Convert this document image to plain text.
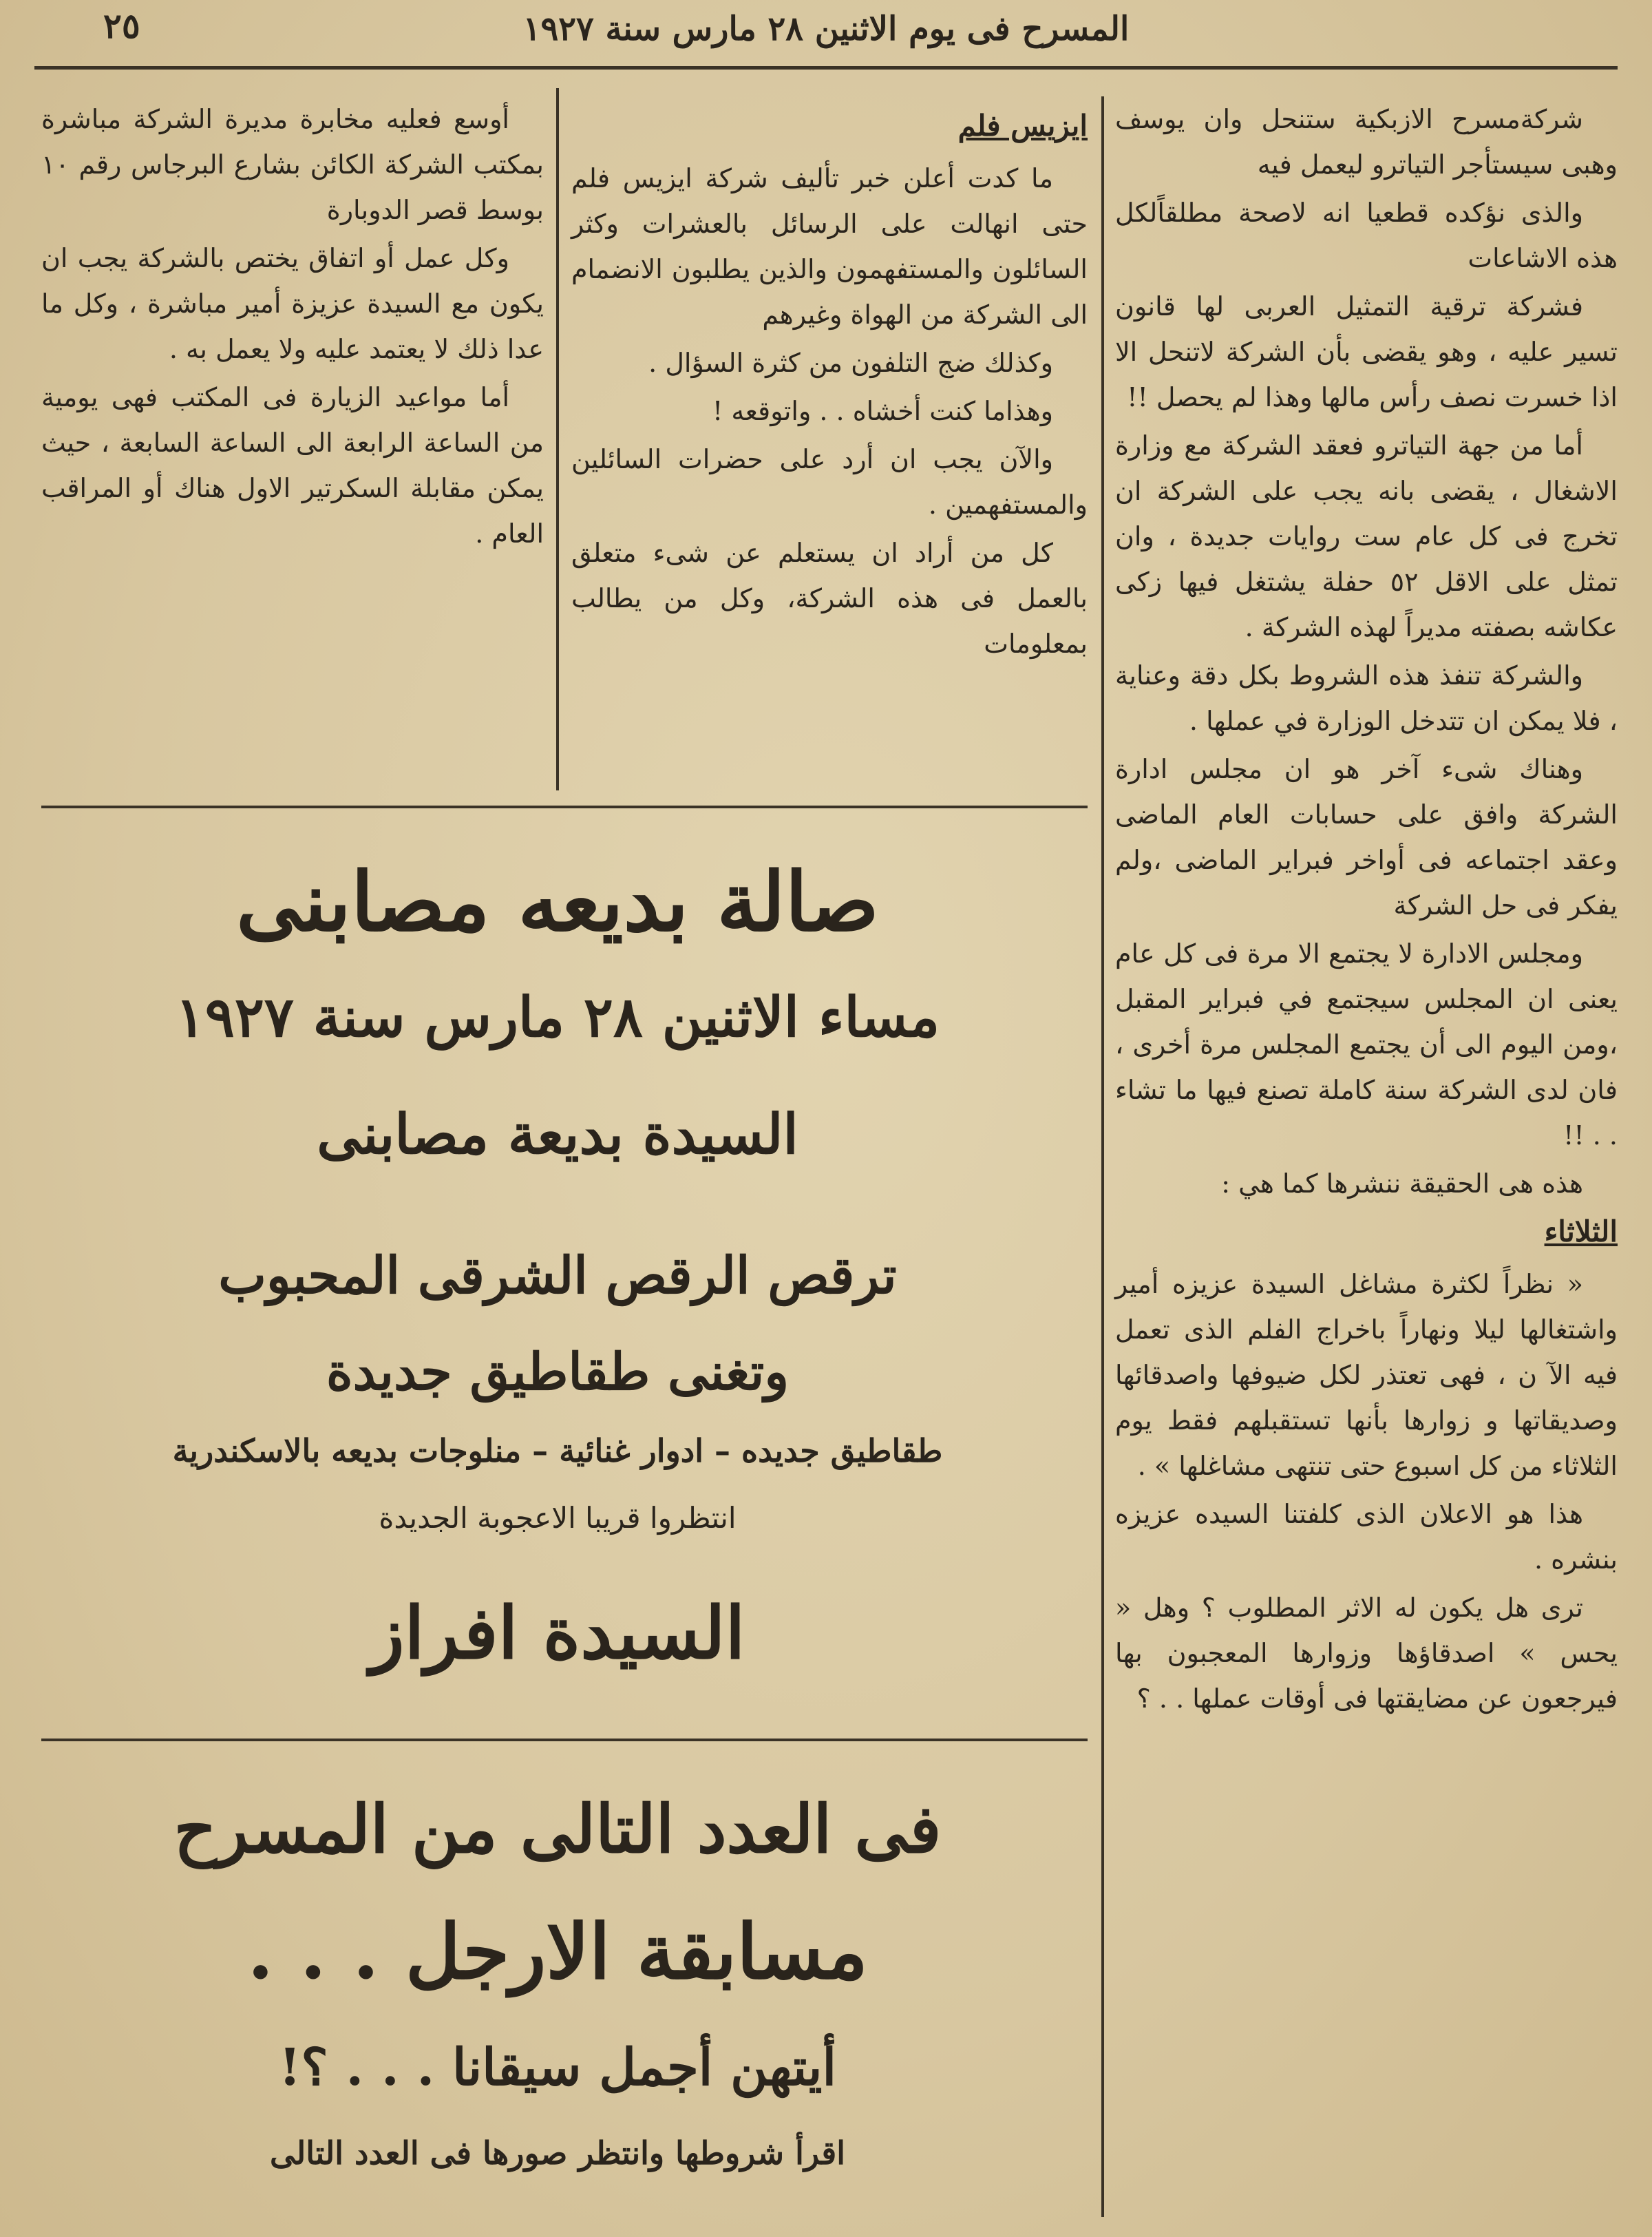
المسرح فى يوم الاثنين ٢٨ مارس سنة ١٩٢٧
٢٥

شركةمسرح الازبكية ستنحل وان يوسف وهبى سيستأجر التياترو ليعمل فيه

والذى نؤكده قطعيا انه لاصحة مطلقاًلكل هذه الاشاعات

فشركة ترقية التمثيل العربى لها قانون تسير عليه ، وهو يقضى بأن الشركة لاتنحل الا اذا خسرت نصف رأس مالها وهذا لم يحصل !!

أما من جهة التياترو فعقد الشركة مع وزارة الاشغال ، يقضى بانه يجب على الشركة ان تخرج فى كل عام ست روايات جديدة ، وان تمثل على الاقل ٥٢ حفلة يشتغل فيها زكى عكاشه بصفته مديراً لهذه الشركة .

والشركة تنفذ هذه الشروط بكل دقة وعناية ، فلا يمكن ان تتدخل الوزارة في عملها .

وهناك شىء آخر هو ان مجلس ادارة الشركة وافق على حسابات العام الماضى وعقد اجتماعه فى أواخر فبراير الماضى ،ولم يفكر فى حل الشركة

ومجلس الادارة لا يجتمع الا مرة فى كل عام يعنى ان المجلس سيجتمع في فبراير المقبل ،ومن اليوم الى أن يجتمع المجلس مرة أخرى ، فان لدى الشركة سنة كاملة تصنع فيها ما تشاء . . !!

هذه هى الحقيقة ننشرها كما هي :

الثلاثاء

« نظراً لكثرة مشاغل السيدة عزيزه أمير واشتغالها ليلا ونهاراً باخراج الفلم الذى تعمل فيه الآ ن ، فهى تعتذر لكل ضيوفها واصدقائها وصديقاتها و زوارها بأنها تستقبلهم فقط يوم الثلاثاء من كل اسبوع حتى تنتهى مشاغلها » .

هذا هو الاعلان الذى كلفتنا السيده عزيزه بنشره .

ترى هل يكون له الاثر المطلوب ؟ وهل « يحس » اصدقاؤها وزوارها المعجبون بها فيرجعون عن مضايقتها فى أوقات عملها . . ؟

ايزيس فلم

ما كدت أعلن خبر تأليف شركة ايزيس فلم حتى انهالت على الرسائل بالعشرات وكثر السائلون والمستفهمون والذين يطلبون الانضمام الى الشركة من الهواة وغيرهم

وكذلك ضج التلفون من كثرة السؤال .

وهذاما كنت أخشاه . . واتوقعه !

والآن يجب ان أرد على حضرات السائلين والمستفهمين .

كل من أراد ان يستعلم عن شىء متعلق بالعمل فى هذه الشركة، وكل من يطالب بمعلومات

أوسع فعليه مخابرة مديرة الشركة مباشرة بمكتب الشركة الكائن بشارع البرجاس رقم ١٠ بوسط قصر الدوبارة

وكل عمل أو اتفاق يختص بالشركة يجب ان يكون مع السيدة عزيزة أمير مباشرة ، وكل ما عدا ذلك لا يعتمد عليه ولا يعمل به .

أما مواعيد الزيارة فى المكتب فهى يومية من الساعة الرابعة الى الساعة السابعة ، حيث يمكن مقابلة السكرتير الاول هناك أو المراقب العام .

صالة بديعه مصابنى
مساء الاثنين ٢٨ مارس سنة ١٩٢٧
السيدة بديعة مصابنى
ترقص الرقص الشرقى المحبوب
وتغنى طقاطيق جديدة
طقاطيق جديده – ادوار غنائية – منلوجات بديعه بالاسكندرية
انتظروا قريبا الاعجوبة الجديدة
السيدة افراز
فى العدد التالى من المسرح
مسابقة الارجل . . .
أيتهن أجمل سيقانا . . . ؟!
اقرأ شروطها وانتظر صورها فى العدد التالى
